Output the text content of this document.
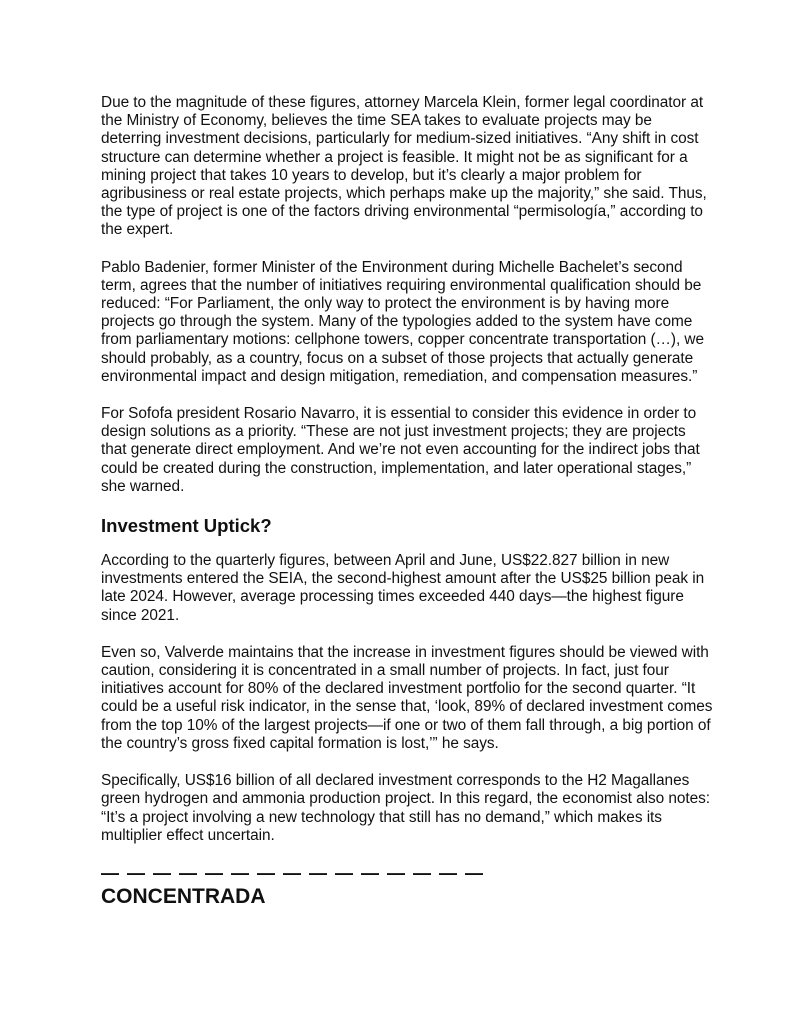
Due to the magnitude of these figures, attorney Marcela Klein, former legal coordinator at the Ministry of Economy, believes the time SEA takes to evaluate projects may be deterring investment decisions, particularly for medium-sized initiatives. “Any shift in cost structure can determine whether a project is feasible. It might not be as significant for a mining project that takes 10 years to develop, but it’s clearly a major problem for agribusiness or real estate projects, which perhaps make up the majority,” she said. Thus, the type of project is one of the factors driving environmental “permisología,” according to the expert.

Pablo Badenier, former Minister of the Environment during Michelle Bachelet’s second term, agrees that the number of initiatives requiring environmental qualification should be reduced: “For Parliament, the only way to protect the environment is by having more projects go through the system. Many of the typologies added to the system have come from parliamentary motions: cellphone towers, copper concentrate transportation (…), we should probably, as a country, focus on a subset of those projects that actually generate environmental impact and design mitigation, remediation, and compensation measures.”

For Sofofa president Rosario Navarro, it is essential to consider this evidence in order to design solutions as a priority. “These are not just investment projects; they are projects that generate direct employment. And we’re not even accounting for the indirect jobs that could be created during the construction, implementation, and later operational stages,” she warned.

Investment Uptick?

According to the quarterly figures, between April and June, US$22.827 billion in new investments entered the SEIA, the second-highest amount after the US$25 billion peak in late 2024. However, average processing times exceeded 440 days—the highest figure since 2021.

Even so, Valverde maintains that the increase in investment figures should be viewed with caution, considering it is concentrated in a small number of projects. In fact, just four initiatives account for 80% of the declared investment portfolio for the second quarter. “It could be a useful risk indicator, in the sense that, ‘look, 89% of declared investment comes from the top 10% of the largest projects—if one or two of them fall through, a big portion of the country’s gross fixed capital formation is lost,’” he says.

Specifically, US$16 billion of all declared investment corresponds to the H2 Magallanes green hydrogen and ammonia production project. In this regard, the economist also notes: “It’s a project involving a new technology that still has no demand,” which makes its multiplier effect uncertain.

— — — — — — — — — — — — — — —
CONCENTRADA
